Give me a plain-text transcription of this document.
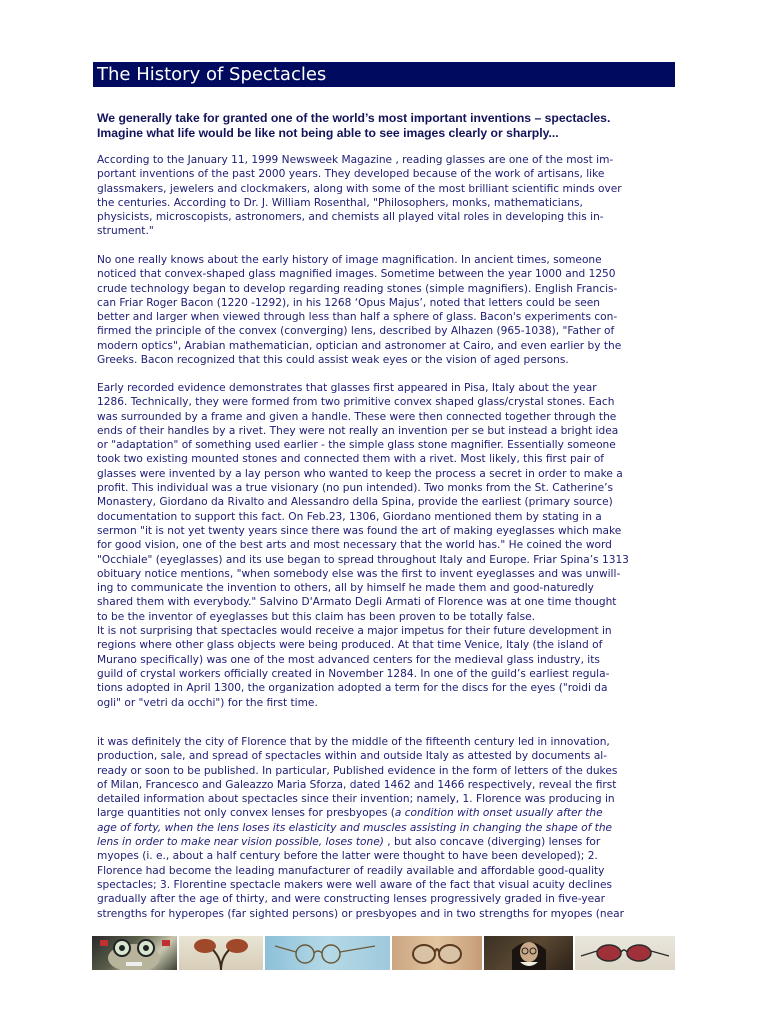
The History of Spectacles

We generally take for granted one of the world’s most important inventions – spectacles.

Imagine what life would be like not being able to see images clearly or sharply...

According to the January 11, 1999 Newsweek Magazine , reading glasses are one of the most im-
portant inventions of the past 2000 years. They developed because of the work of artisans, like
glassmakers, jewelers and clockmakers, along with some of the most brilliant scientific minds over
the centuries. According to Dr. J. William Rosenthal, "Philosophers, monks, mathematicians,
physicists, microscopists, astronomers, and chemists all played vital roles in developing this in-
strument."
No one really knows about the early history of image magnification. In ancient times, someone
noticed that convex-shaped glass magnified images. Sometime between the year 1000 and 1250
crude technology began to develop regarding reading stones (simple magnifiers). English Francis-
can Friar Roger Bacon (1220 -1292), in his 1268 ‘Opus Majus’, noted that letters could be seen
better and larger when viewed through less than half a sphere of glass. Bacon's experiments con-
firmed the principle of the convex (converging) lens, described by Alhazen (965-1038), "Father of
modern optics", Arabian mathematician, optician and astronomer at Cairo, and even earlier by the
Greeks. Bacon recognized that this could assist weak eyes or the vision of aged persons.
Early recorded evidence demonstrates that glasses first appeared in Pisa, Italy about the year
1286. Technically, they were formed from two primitive convex shaped glass/crystal stones. Each
was surrounded by a frame and given a handle. These were then connected together through the
ends of their handles by a rivet. They were not really an invention per se but instead a bright idea
or "adaptation" of something used earlier - the simple glass stone magnifier. Essentially someone
took two existing mounted stones and connected them with a rivet. Most likely, this first pair of
glasses were invented by a lay person who wanted to keep the process a secret in order to make a
profit. This individual was a true visionary (no pun intended). Two monks from the St. Catherine’s
Monastery, Giordano da Rivalto and Alessandro della Spina, provide the earliest (primary source)
documentation to support this fact. On Feb.23, 1306, Giordano mentioned them by stating in a
sermon "it is not yet twenty years since there was found the art of making eyeglasses which make
for good vision, one of the best arts and most necessary that the world has." He coined the word
"Occhiale" (eyeglasses) and its use began to spread throughout Italy and Europe. Friar Spina’s 1313
obituary notice mentions, "when somebody else was the first to invent eyeglasses and was unwill-
ing to communicate the invention to others, all by himself he made them and good-naturedly
shared them with everybody." Salvino D'Armato Degli Armati of Florence was at one time thought
to be the inventor of eyeglasses but this claim has been proven to be totally false.
It is not surprising that spectacles would receive a major impetus for their future development in
regions where other glass objects were being produced. At that time Venice, Italy (the island of
Murano specifically) was one of the most advanced centers for the medieval glass industry, its
guild of crystal workers officially created in November 1284. In one of the guild’s earliest regula-
tions adopted in April 1300, the organization adopted a term for the discs for the eyes ("roidi da
ogli" or "vetri da occhi") for the first time.
it was definitely the city of Florence that by the middle of the fifteenth century led in innovation,
production, sale, and spread of spectacles within and outside Italy as attested by documents al-
ready or soon to be published. In particular, Published evidence in the form of letters of the dukes
of Milan, Francesco and Galeazzo Maria Sforza, dated 1462 and 1466 respectively, reveal the first
detailed information about spectacles since their invention; namely, 1. Florence was producing in
large quantities not only convex lenses for presbyopes (a condition with onset usually after the
age of forty, when the lens loses its elasticity and muscles assisting in changing the shape of the
lens in order to make near vision possible, loses tone) , but also concave (diverging) lenses for
myopes (i. e., about a half century before the latter were thought to have been developed); 2.
Florence had become the leading manufacturer of readily available and affordable good-quality
spectacles; 3. Florentine spectacle makers were well aware of the fact that visual acuity declines
gradually after the age of thirty, and were constructing lenses progressively graded in five-year
strengths for hyperopes (far sighted persons) or presbyopes and in two strengths for myopes (near
